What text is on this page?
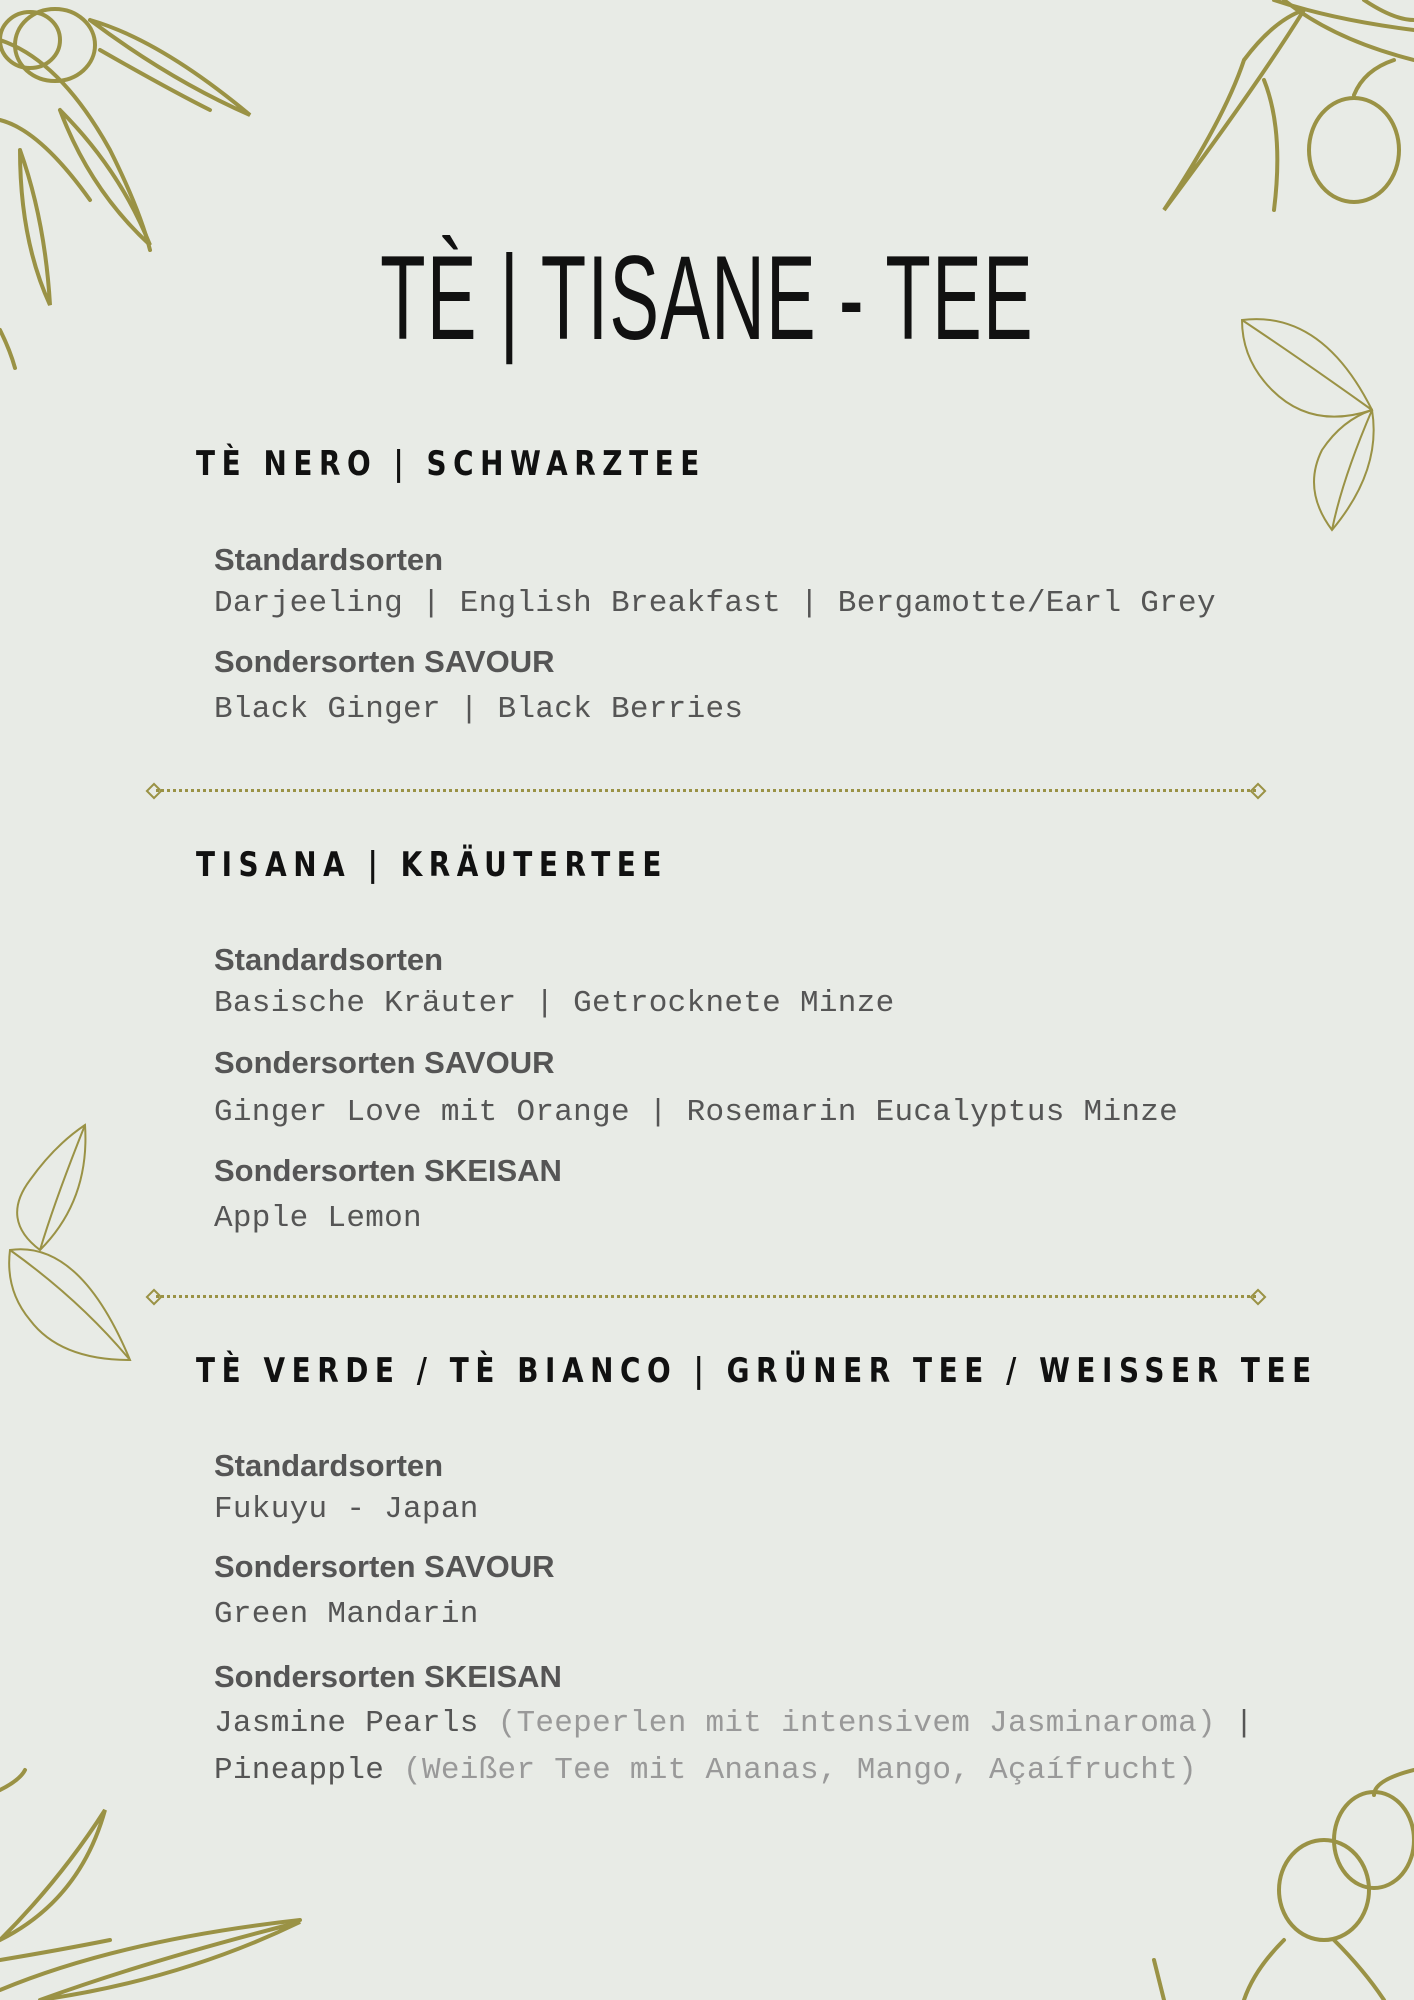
TÈ | TISANE - TEE
TÈ NERO | SCHWARZTEE
Standardsorten
Darjeeling | English Breakfast | Bergamotte/Earl Grey
Sondersorten SAVOUR
Black Ginger | Black Berries
TISANA | KRÄUTERTEE
Standardsorten
Basische Kräuter | Getrocknete Minze
Sondersorten SAVOUR
Ginger Love mit Orange | Rosemarin Eucalyptus Minze
Sondersorten SKEISAN
Apple Lemon
TÈ VERDE / TÈ BIANCO | GRÜNER TEE / WEISSER TEE
Standardsorten
Fukuyu - Japan
Sondersorten SAVOUR
Green Mandarin
Sondersorten SKEISAN
Jasmine Pearls (Teeperlen mit intensivem Jasminaroma) |
Pineapple (Weißer Tee mit Ananas, Mango, Açaífrucht)
